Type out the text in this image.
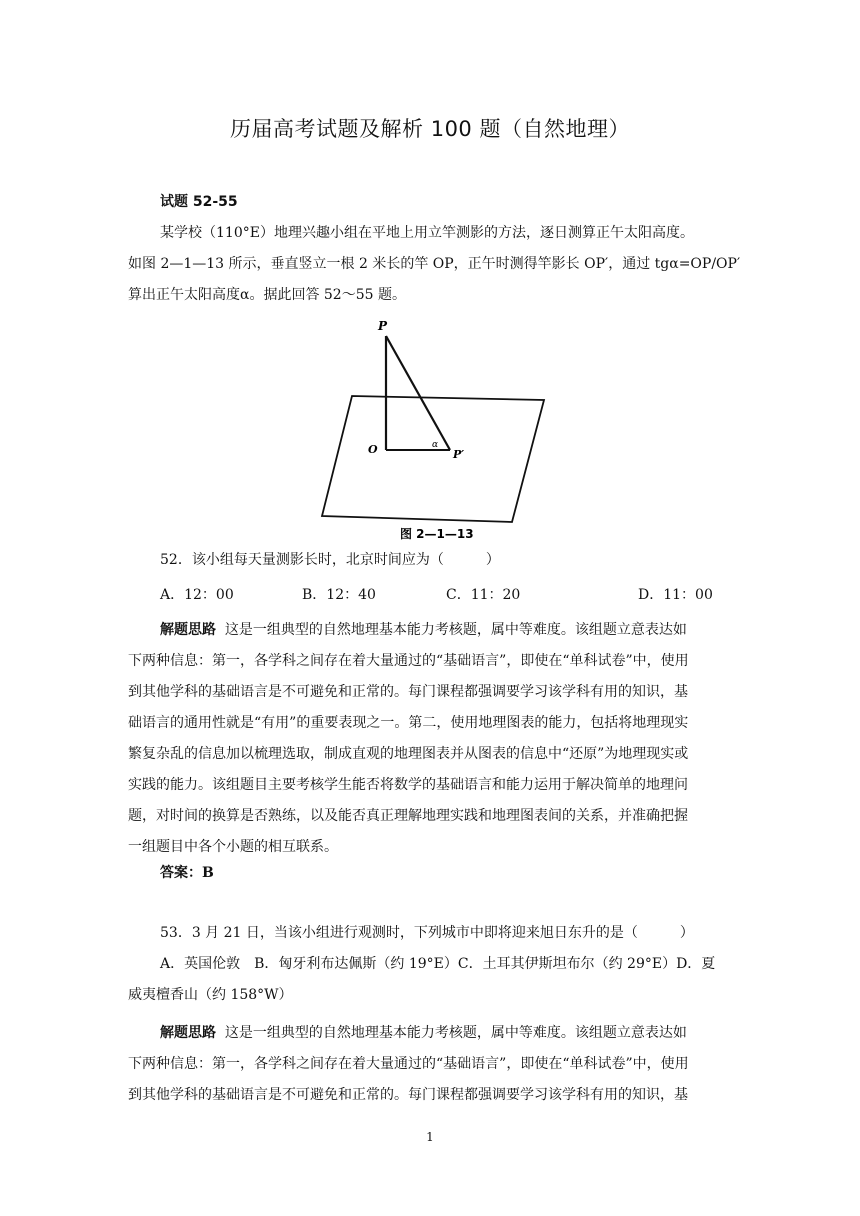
历届高考试题及解析 100 题（自然地理）
试题 52-55
某学校（110°E）地理兴趣小组在平地上用立竿测影的方法，逐日测算正午太阳高度。
如图 2—1—13 所示，垂直竖立一根 2 米长的竿 OP，正午时测得竿影长 OP′，通过 tgα=OP/OP′
算出正午太阳高度α。据此回答 52～55 题。
P
O	α
P′
图 2—1—13
52．该小组每天量测影长时，北京时间应为（　　　）
A．12：00	B．12：40	C．11：20	D．11：00
解题思路 这是一组典型的自然地理基本能力考核题，属中等难度。该组题立意表达如
下两种信息：第一，各学科之间存在着大量通过的“基础语言”，即使在“单科试卷”中，使用
到其他学科的基础语言是不可避免和正常的。每门课程都强调要学习该学科有用的知识，基
础语言的通用性就是“有用”的重要表现之一。第二，使用地理图表的能力，包括将地理现实
繁复杂乱的信息加以梳理选取，制成直观的地理图表并从图表的信息中“还原”为地理现实或
实践的能力。该组题目主要考核学生能否将数学的基础语言和能力运用于解决简单的地理问
题，对时间的换算是否熟练，以及能否真正理解地理实践和地理图表间的关系，并准确把握
一组题目中各个小题的相互联系。
答案：B
53．3 月 21 日，当该小组进行观测时，下列城市中即将迎来旭日东升的是（　　　）
A．英国伦敦　B．匈牙利布达佩斯（约 19°E）C．土耳其伊斯坦布尔（约 29°E）D．夏
威夷檀香山（约 158°W）
解题思路 这是一组典型的自然地理基本能力考核题，属中等难度。该组题立意表达如
下两种信息：第一，各学科之间存在着大量通过的“基础语言”，即使在“单科试卷”中，使用
到其他学科的基础语言是不可避免和正常的。每门课程都强调要学习该学科有用的知识，基
1
